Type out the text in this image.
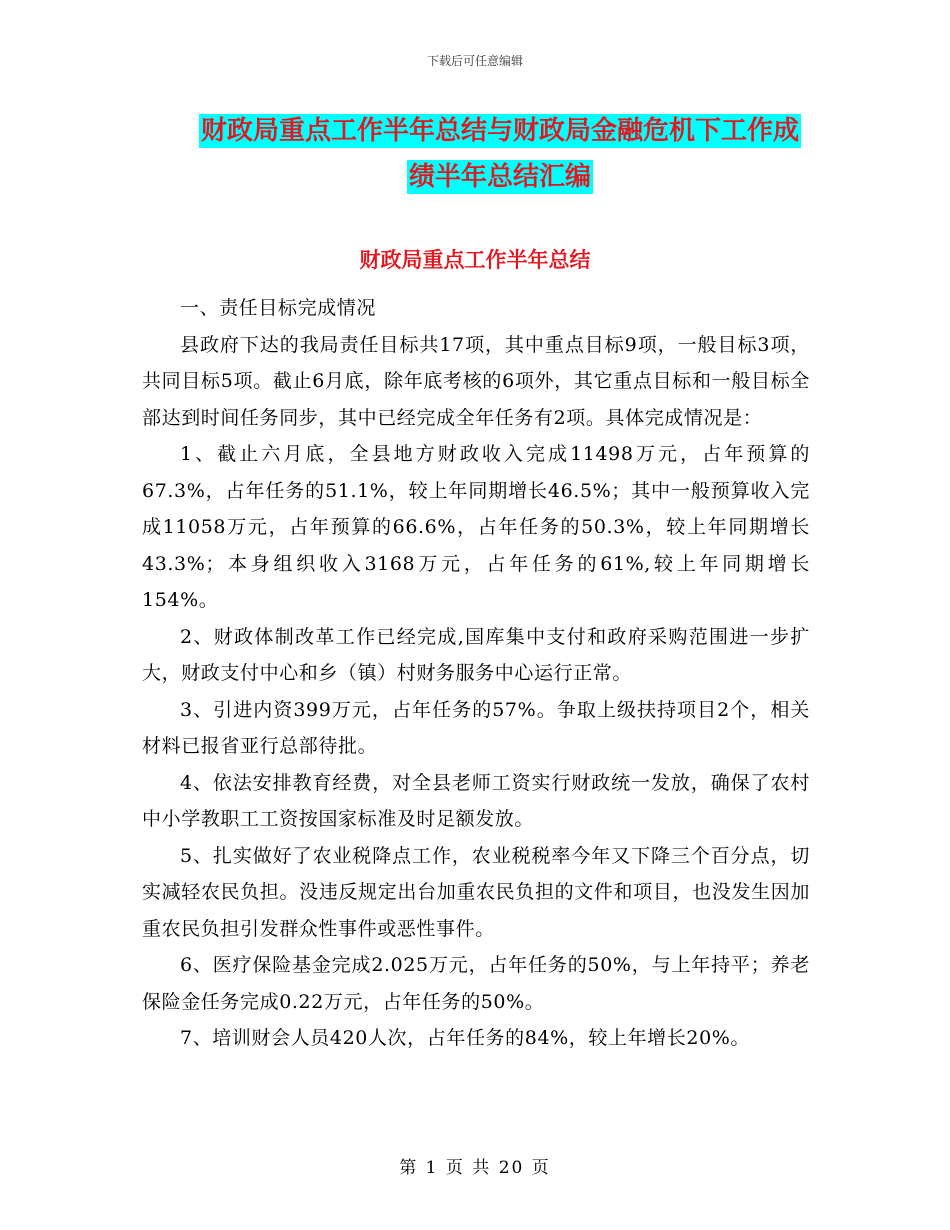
下载后可任意编辑
财政局重点工作半年总结与财政局金融危机下工作成
绩半年总结汇编
财政局重点工作半年总结

一、责任目标完成情况

县政府下达的我局责任目标共17项，其中重点目标9项，一般目标3项，共同目标5项。截止6月底，除年底考核的6项外，其它重点目标和一般目标全部达到时间任务同步，其中已经完成全年任务有2项。具体完成情况是：

1、截止六月底，全县地方财政收入完成11498万元，占年预算的67.3%，占年任务的51.1%，较上年同期增长46.5%；其中一般预算收入完成11058万元，占年预算的66.6%，占年任务的50.3%，较上年同期增长43.3%；本身组织收入3168万元，占年任务的61%,较上年同期增长154%。

2、财政体制改革工作已经完成,国库集中支付和政府采购范围进一步扩大，财政支付中心和乡（镇）村财务服务中心运行正常。

3、引进内资399万元，占年任务的57%。争取上级扶持项目2个，相关材料已报省亚行总部待批。

4、依法安排教育经费，对全县老师工资实行财政统一发放，确保了农村中小学教职工工资按国家标准及时足额发放。

5、扎实做好了农业税降点工作，农业税税率今年又下降三个百分点，切实减轻农民负担。没违反规定出台加重农民负担的文件和项目，也没发生因加重农民负担引发群众性事件或恶性事件。

6、医疗保险基金完成2.025万元，占年任务的50%，与上年持平；养老保险金任务完成0.22万元，占年任务的50%。

7、培训财会人员420人次，占年任务的84%，较上年增长20%。

第 1 页 共 20 页
